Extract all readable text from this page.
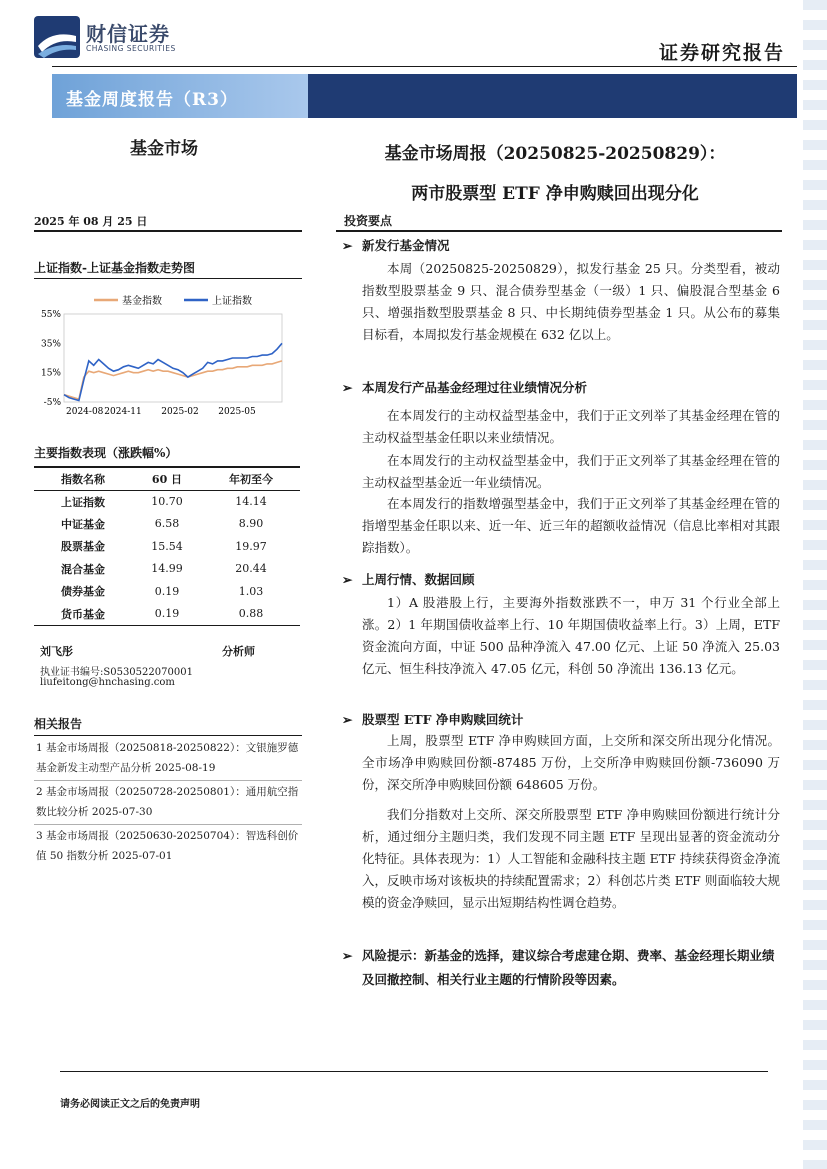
财信证券
CHASING SECURITIES	证券研究报告
基金周度报告（R3）
基金市场	基金市场周报（20250825-20250829）：
两市股票型 ETF 净申购赎回出现分化
2025 年 08 月 25 日
上证指数-上证基金指数走势图
基金指数	上证指数
55%
35%
15%
-5%
2024-08 2024-11 2025-02 2025-05
主要指数表现（涨跌幅%）
指数名称	60 日	年初至今
上证指数	10.70	14.14
中证基金	6.58	8.90
股票基金	15.54	19.97
混合基金	14.99	20.44
债券基金	0.19	1.03
货币基金	0.19	0.88
刘飞彤	分析师
执业证书编号:S0530522070001
liufeitong@hnchasing.com
相关报告
1 基金市场周报（20250818-20250822）：文银施罗德基金新发主动型产品分析 2025-08-19
2 基金市场周报（20250728-20250801）：通用航空指数比较分析 2025-07-30
3 基金市场周报（20250630-20250704）：智选科创价值 50 指数分析 2025-07-01
投资要点
➢ 新发行基金情况
本周（20250825-20250829），拟发行基金 25 只。分类型看，被动指数型股票基金 9 只、混合债券型基金（一级）1 只、偏股混合型基金 6 只、增强指数型股票基金 8 只、中长期纯债券型基金 1 只。从公布的募集目标看，本周拟发行基金规模在 632 亿以上。
➢ 本周发行产品基金经理过往业绩情况分析
在本周发行的主动权益型基金中，我们于正文列举了其基金经理在管的主动权益型基金任职以来业绩情况。
在本周发行的主动权益型基金中，我们于正文列举了其基金经理在管的主动权益型基金近一年业绩情况。
在本周发行的指数增强型基金中，我们于正文列举了其基金经理在管的指增型基金任职以来、近一年、近三年的超额收益情况（信息比率相对其跟踪指数）。
➢ 上周行情、数据回顾
1）A 股港股上行，主要海外指数涨跌不一，申万 31 个行业全部上涨。2）1 年期国债收益率上行、10 年期国债收益率上行。3）上周，ETF 资金流向方面，中证 500 品种净流入 47.00 亿元、上证 50 净流入 25.03 亿元、恒生科技净流入 47.05 亿元，科创 50 净流出 136.13 亿元。
➢ 股票型 ETF 净申购赎回统计
上周，股票型 ETF 净申购赎回方面，上交所和深交所出现分化情况。全市场净申购赎回份额-87485 万份，上交所净申购赎回份额-736090 万份，深交所净申购赎回份额 648605 万份。
我们分指数对上交所、深交所股票型 ETF 净申购赎回份额进行统计分析，通过细分主题归类，我们发现不同主题 ETF 呈现出显著的资金流动分化特征。具体表现为：1）人工智能和金融科技主题 ETF 持续获得资金净流入，反映市场对该板块的持续配置需求；2）科创芯片类 ETF 则面临较大规模的资金净赎回，显示出短期结构性调仓趋势。
➢ 风险提示：新基金的选择，建议综合考虑建仓期、费率、基金经理长期业绩及回撤控制、相关行业主题的行情阶段等因素。
请务必阅读正文之后的免责声明
